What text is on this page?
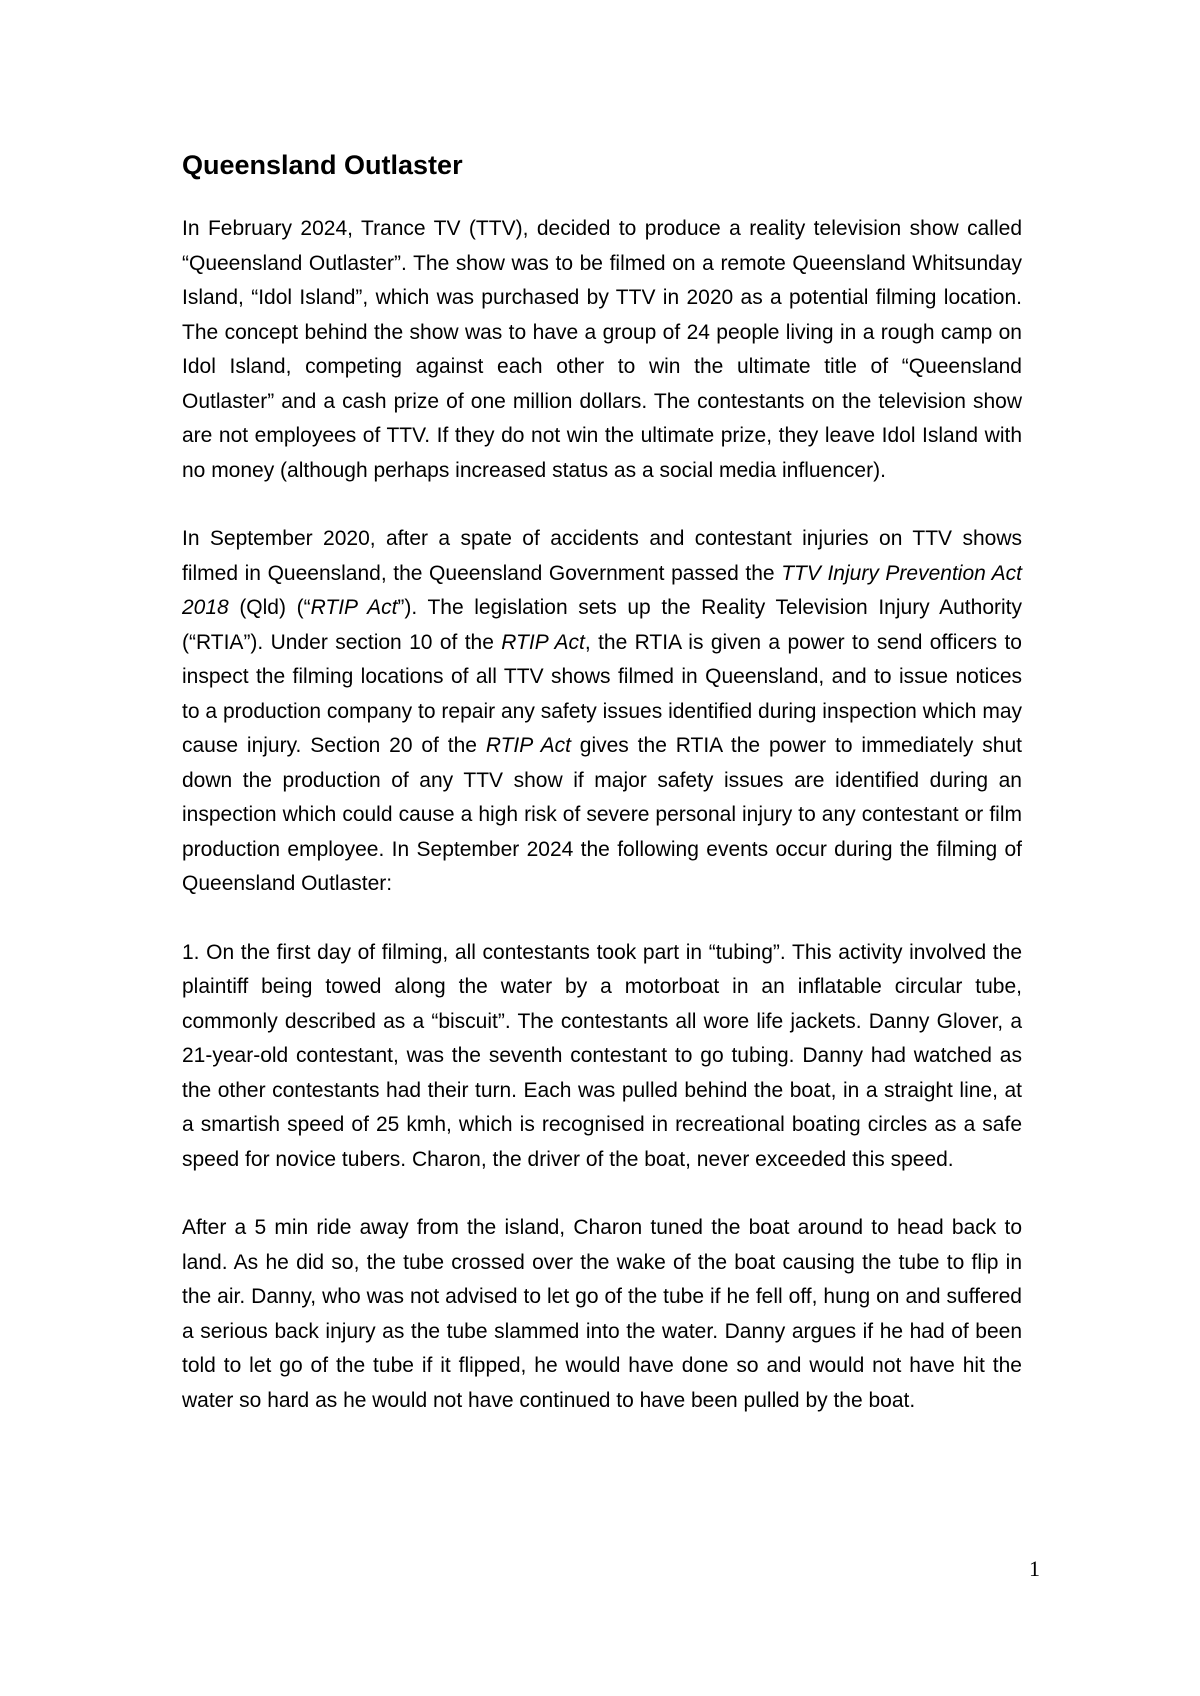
Queensland Outlaster

In February 2024, Trance TV (TTV), decided to produce a reality television show called “Queensland Outlaster”. The show was to be filmed on a remote Queensland Whitsunday Island, “Idol Island”, which was purchased by TTV in 2020 as a potential filming location. The concept behind the show was to have a group of 24 people living in a rough camp on Idol Island, competing against each other to win the ultimate title of “Queensland Outlaster” and a cash prize of one million dollars. The contestants on the television show are not employees of TTV. If they do not win the ultimate prize, they leave Idol Island with no money (although perhaps increased status as a social media influencer).

In September 2020, after a spate of accidents and contestant injuries on TTV shows filmed in Queensland, the Queensland Government passed the TTV Injury Prevention Act 2018 (Qld) (“RTIP Act”). The legislation sets up the Reality Television Injury Authority (“RTIA”). Under section 10 of the RTIP Act, the RTIA is given a power to send officers to inspect the filming locations of all TTV shows filmed in Queensland, and to issue notices to a production company to repair any safety issues identified during inspection which may cause injury. Section 20 of the RTIP Act gives the RTIA the power to immediately shut down the production of any TTV show if major safety issues are identified during an inspection which could cause a high risk of severe personal injury to any contestant or film production employee. In September 2024 the following events occur during the filming of Queensland Outlaster:

1. On the first day of filming, all contestants took part in “tubing”. This activity involved the plaintiff being towed along the water by a motorboat in an inflatable circular tube, commonly described as a “biscuit”. The contestants all wore life jackets. Danny Glover, a 21-year-old contestant, was the seventh contestant to go tubing. Danny had watched as the other contestants had their turn. Each was pulled behind the boat, in a straight line, at a smartish speed of 25 kmh, which is recognised in recreational boating circles as a safe speed for novice tubers. Charon, the driver of the boat, never exceeded this speed.

After a 5 min ride away from the island, Charon tuned the boat around to head back to land. As he did so, the tube crossed over the wake of the boat causing the tube to flip in the air. Danny, who was not advised to let go of the tube if he fell off, hung on and suffered a serious back injury as the tube slammed into the water. Danny argues if he had of been told to let go of the tube if it flipped, he would have done so and would not have hit the water so hard as he would not have continued to have been pulled by the boat.

1
